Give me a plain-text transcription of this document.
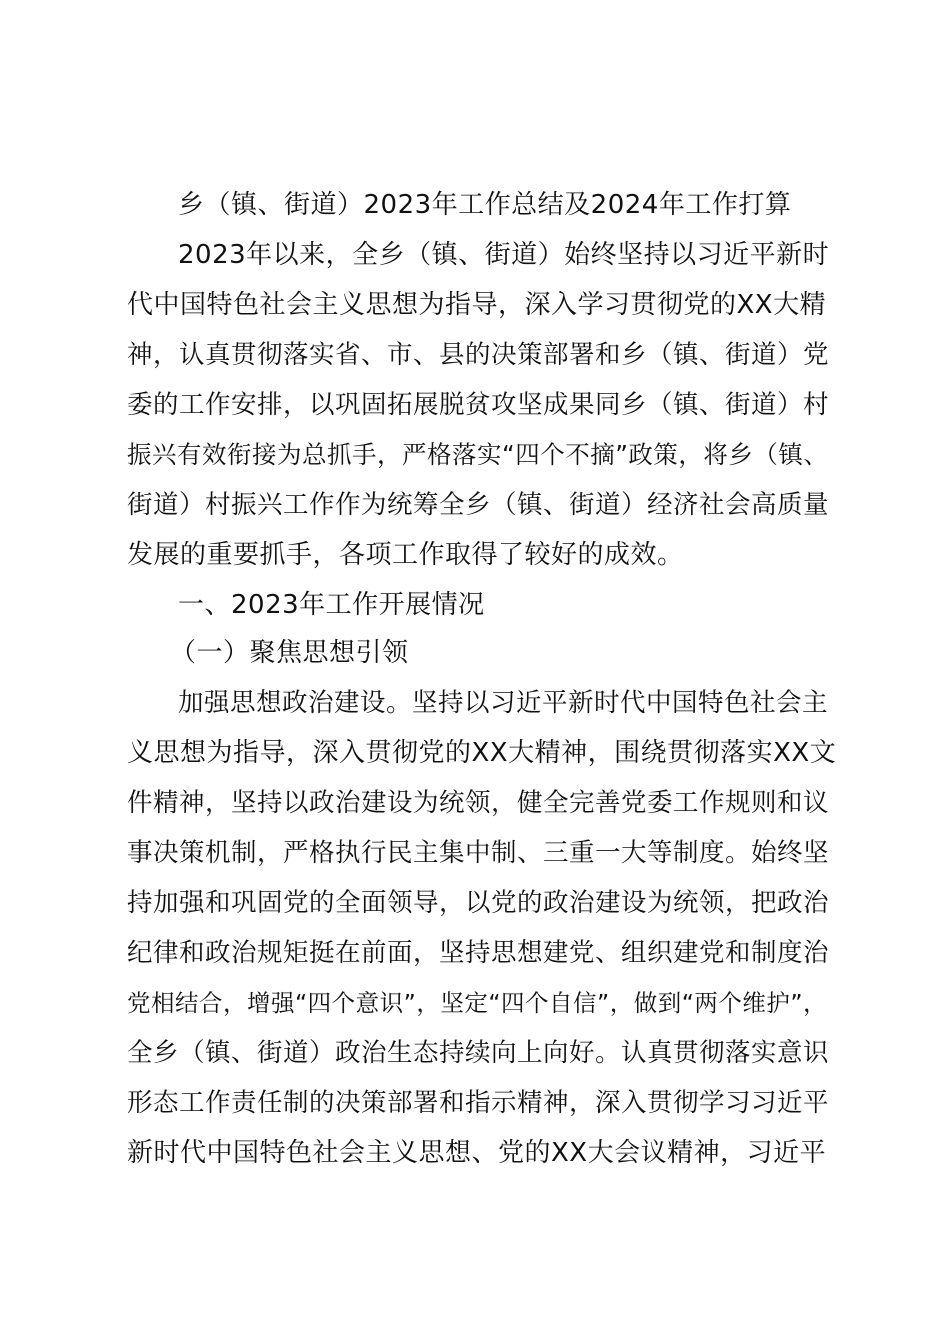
乡（镇、街道）2023年工作总结及2024年工作打算
2023年以来，全乡（镇、街道）始终坚持以习近平新时
代中国特色社会主义思想为指导，深入学习贯彻党的XX大精
神，认真贯彻落实省、市、县的决策部署和乡（镇、街道）党
委的工作安排，以巩固拓展脱贫攻坚成果同乡（镇、街道）村
振兴有效衔接为总抓手，严格落实“四个不摘”政策，将乡（镇、
街道）村振兴工作作为统筹全乡（镇、街道）经济社会高质量
发展的重要抓手，各项工作取得了较好的成效。
一、2023年工作开展情况
（一）聚焦思想引领
加强思想政治建设。坚持以习近平新时代中国特色社会主
义思想为指导，深入贯彻党的XX大精神，围绕贯彻落实XX文
件精神，坚持以政治建设为统领，健全完善党委工作规则和议
事决策机制，严格执行民主集中制、三重一大等制度。始终坚
持加强和巩固党的全面领导，以党的政治建设为统领，把政治
纪律和政治规矩挺在前面，坚持思想建党、组织建党和制度治
党相结合，增强“四个意识”，坚定“四个自信”，做到“两个维护”，
全乡（镇、街道）政治生态持续向上向好。认真贯彻落实意识
形态工作责任制的决策部署和指示精神，深入贯彻学习习近平
新时代中国特色社会主义思想、党的XX大会议精神，习近平
